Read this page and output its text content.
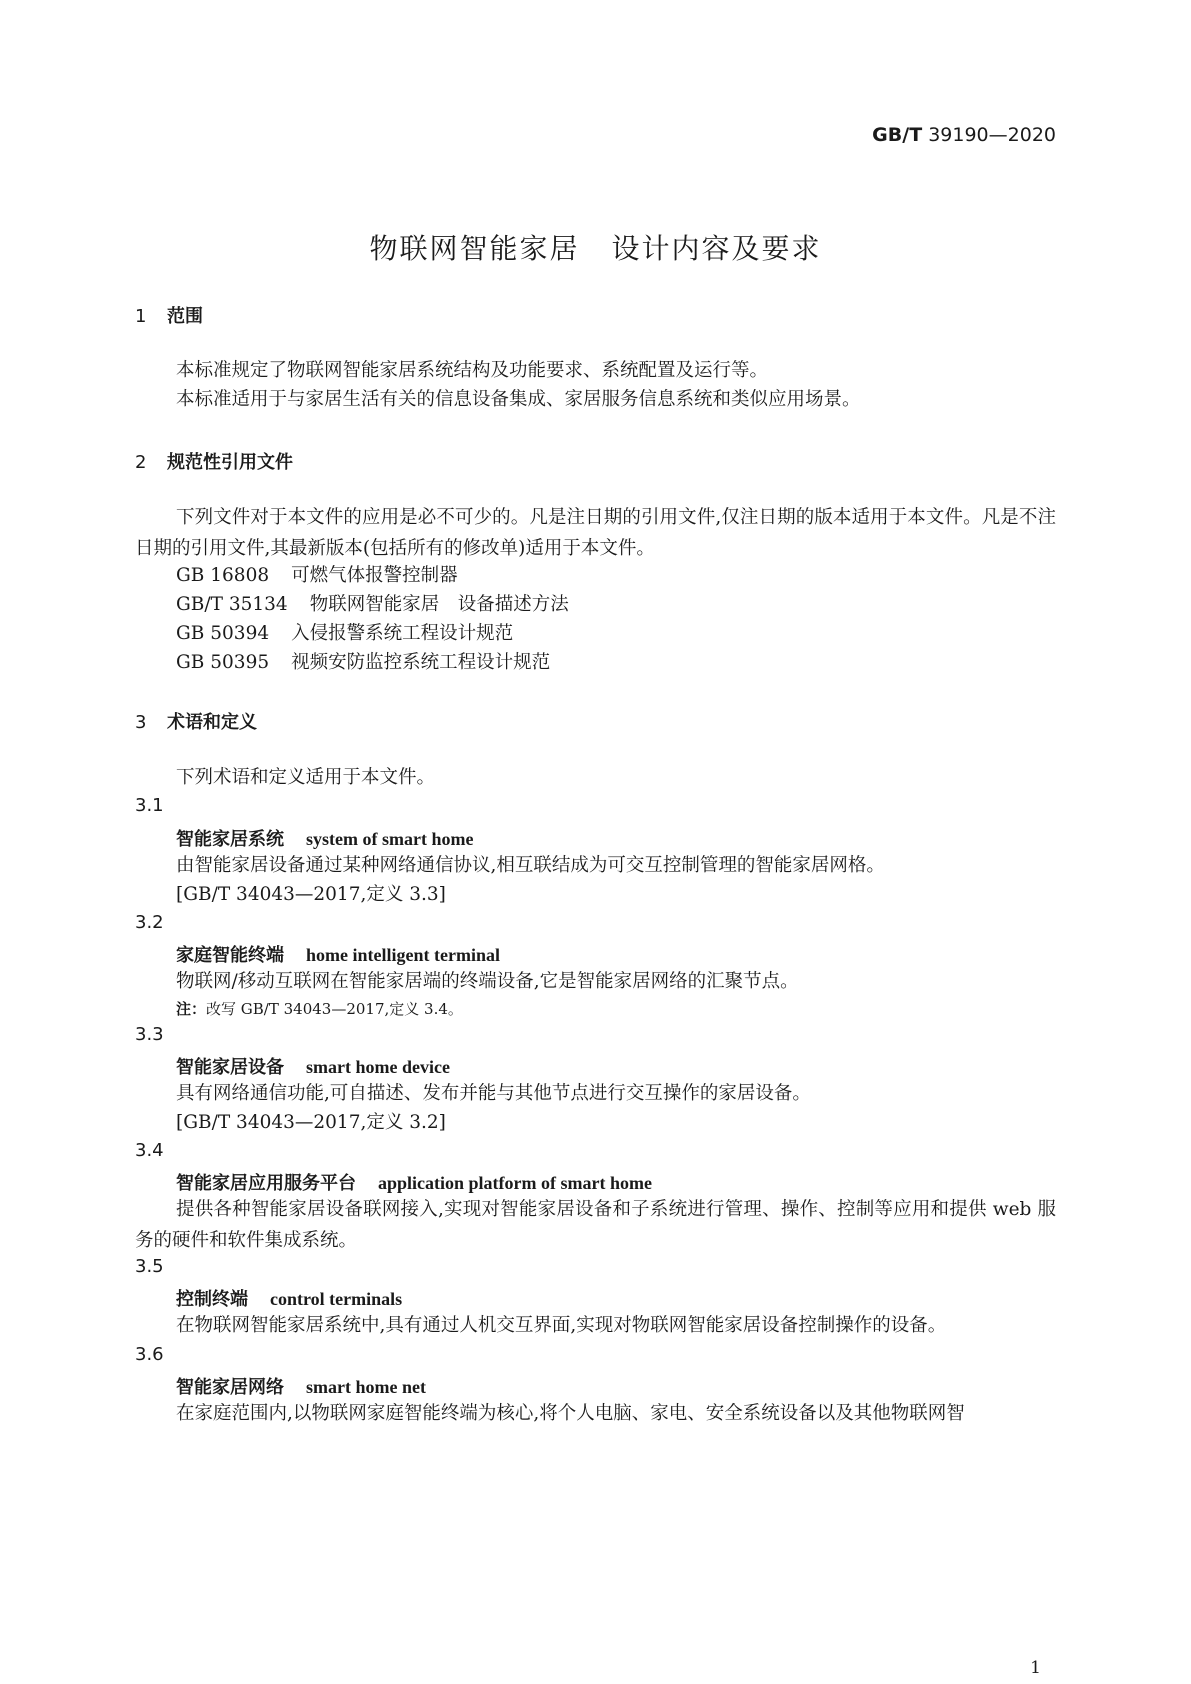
GB/T 39190—2020
物联网智能家居 设计内容及要求
1 范围
本标准规定了物联网智能家居系统结构及功能要求、系统配置及运行等。
本标准适用于与家居生活有关的信息设备集成、家居服务信息系统和类似应用场景。
2 规范性引用文件
下列文件对于本文件的应用是必不可少的。凡是注日期的引用文件,仅注日期的版本适用于本文件。凡是不注日期的引用文件,其最新版本(包括所有的修改单)适用于本文件。
GB 16808 可燃气体报警控制器
GB/T 35134 物联网智能家居　设备描述方法
GB 50394 入侵报警系统工程设计规范
GB 50395 视频安防监控系统工程设计规范
3 术语和定义
下列术语和定义适用于本文件。
3.1
智能家居系统 system of smart home
由智能家居设备通过某种网络通信协议,相互联结成为可交互控制管理的智能家居网格。
[GB/T 34043—2017,定义 3.3]
3.2
家庭智能终端 home intelligent terminal
物联网/移动互联网在智能家居端的终端设备,它是智能家居网络的汇聚节点。
注：改写 GB/T 34043—2017,定义 3.4。
3.3
智能家居设备 smart home device
具有网络通信功能,可自描述、发布并能与其他节点进行交互操作的家居设备。
[GB/T 34043—2017,定义 3.2]
3.4
智能家居应用服务平台 application platform of smart home
提供各种智能家居设备联网接入,实现对智能家居设备和子系统进行管理、操作、控制等应用和提供 web 服务的硬件和软件集成系统。
3.5
控制终端 control terminals
在物联网智能家居系统中,具有通过人机交互界面,实现对物联网智能家居设备控制操作的设备。
3.6
智能家居网络 smart home net
在家庭范围内,以物联网家庭智能终端为核心,将个人电脑、家电、安全系统设备以及其他物联网智
1
